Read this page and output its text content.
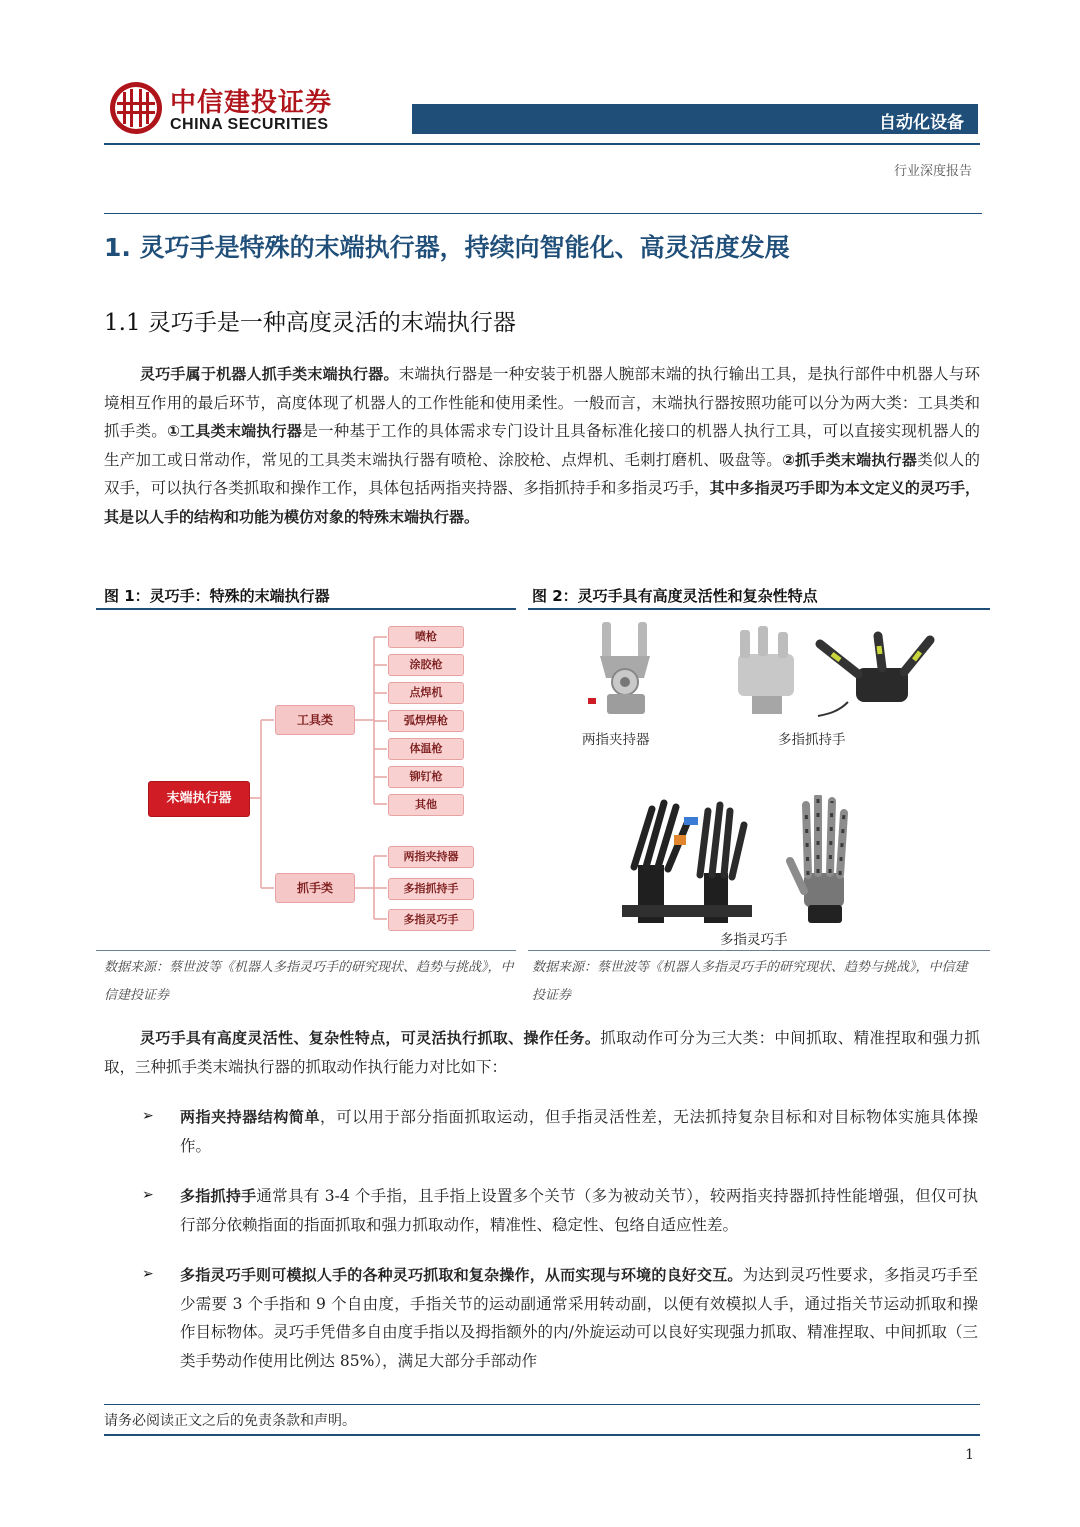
中信建投证券
CHINA SECURITIES	自动化设备
行业深度报告
1. 灵巧手是特殊的末端执行器，持续向智能化、高灵活度发展
1.1 灵巧手是一种高度灵活的末端执行器
灵巧手属于机器人抓手类末端执行器。末端执行器是一种安装于机器人腕部末端的执行输出工具，是执行部件中机器人与环境相互作用的最后环节，高度体现了机器人的工作性能和使用柔性。一般而言，末端执行器按照功能可以分为两大类：工具类和抓手类。①工具类末端执行器是一种基于工作的具体需求专门设计且具备标准化接口的机器人执行工具，可以直接实现机器人的生产加工或日常动作，常见的工具类末端执行器有喷枪、涂胶枪、点焊机、毛刺打磨机、吸盘等。②抓手类末端执行器类似人的双手，可以执行各类抓取和操作工作，具体包括两指夹持器、多指抓持手和多指灵巧手，其中多指灵巧手即为本文定义的灵巧手，其是以人手的结构和功能为模仿对象的特殊末端执行器。
图 1：灵巧手：特殊的末端执行器	图 2：灵巧手具有高度灵活性和复杂性特点
末端执行器
工具类
抓手类
喷枪
涂胶枪
点焊机
弧焊焊枪
体温枪
铆钉枪
其他
两指夹持器
多指抓持手
多指灵巧手
两指夹持器	多指抓持手
多指灵巧手
数据来源：蔡世波等《机器人多指灵巧手的研究现状、趋势与挑战》，中信建投证券
数据来源：蔡世波等《机器人多指灵巧手的研究现状、趋势与挑战》，中信建投证券
灵巧手具有高度灵活性、复杂性特点，可灵活执行抓取、操作任务。抓取动作可分为三大类：中间抓取、精准捏取和强力抓取，三种抓手类末端执行器的抓取动作执行能力对比如下：
➢ 两指夹持器结构简单，可以用于部分指面抓取运动，但手指灵活性差，无法抓持复杂目标和对目标物体实施具体操作。
➢ 多指抓持手通常具有 3-4 个手指，且手指上设置多个关节（多为被动关节），较两指夹持器抓持性能增强，但仅可执行部分依赖指面的指面抓取和强力抓取动作，精准性、稳定性、包络自适应性差。
➢ 多指灵巧手则可模拟人手的各种灵巧抓取和复杂操作，从而实现与环境的良好交互。为达到灵巧性要求，多指灵巧手至少需要 3 个手指和 9 个自由度，手指关节的运动副通常采用转动副，以便有效模拟人手，通过指关节运动抓取和操作目标物体。灵巧手凭借多自由度手指以及拇指额外的内/外旋运动可以良好实现强力抓取、精准捏取、中间抓取（三类手势动作使用比例达 85%），满足大部分手部动作
请务必阅读正文之后的免责条款和声明。
1
